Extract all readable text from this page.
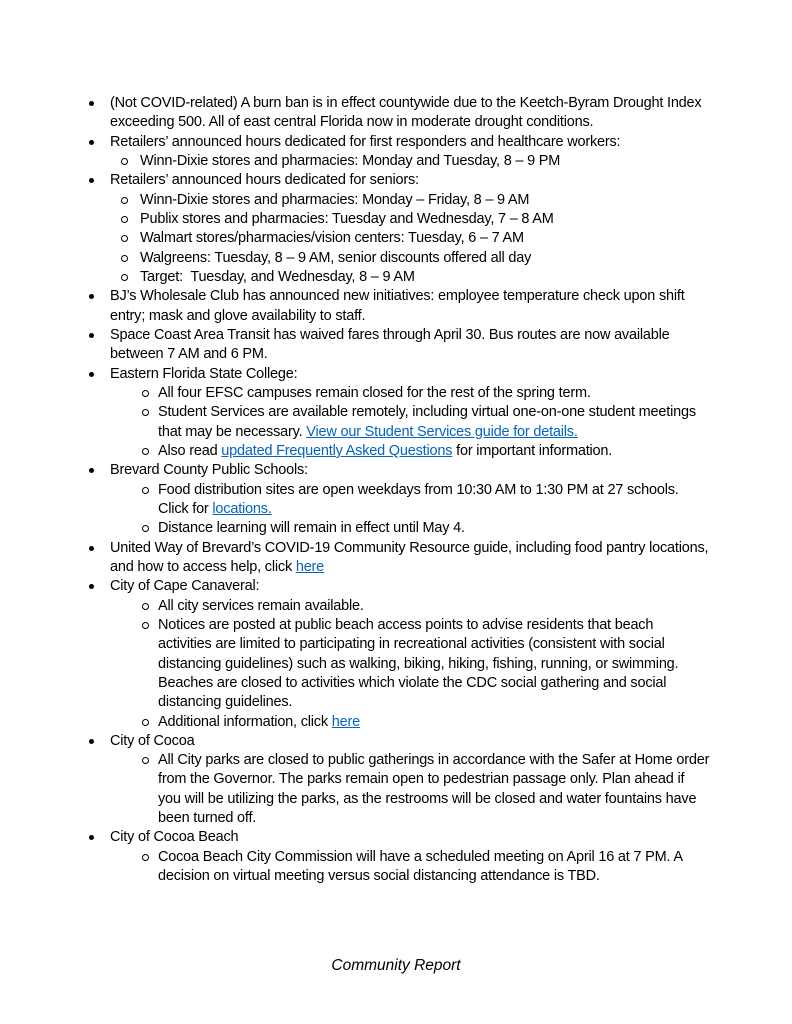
(Not COVID-related) A burn ban is in effect countywide due to the Keetch-Byram Drought Index exceeding 500. All of east central Florida now in moderate drought conditions.
Retailers’ announced hours dedicated for first responders and healthcare workers:
Winn-Dixie stores and pharmacies: Monday and Tuesday, 8 – 9 PM
Retailers’ announced hours dedicated for seniors:
Winn-Dixie stores and pharmacies: Monday – Friday, 8 – 9 AM
Publix stores and pharmacies: Tuesday and Wednesday, 7 – 8 AM
Walmart stores/pharmacies/vision centers: Tuesday, 6 – 7 AM
Walgreens: Tuesday, 8 – 9 AM, senior discounts offered all day
Target:  Tuesday, and Wednesday, 8 – 9 AM
BJ’s Wholesale Club has announced new initiatives: employee temperature check upon shift entry; mask and glove availability to staff.
Space Coast Area Transit has waived fares through April 30. Bus routes are now available between 7 AM and 6 PM.
Eastern Florida State College:
All four EFSC campuses remain closed for the rest of the spring term.
Student Services are available remotely, including virtual one-on-one student meetings that may be necessary. View our Student Services guide for details.
Also read updated Frequently Asked Questions for important information.
Brevard County Public Schools:
Food distribution sites are open weekdays from 10:30 AM to 1:30 PM at 27 schools. Click for locations.
Distance learning will remain in effect until May 4.
United Way of Brevard’s COVID-19 Community Resource guide, including food pantry locations, and how to access help, click here
City of Cape Canaveral:
All city services remain available.
Notices are posted at public beach access points to advise residents that beach activities are limited to participating in recreational activities (consistent with social distancing guidelines) such as walking, biking, hiking, fishing, running, or swimming. Beaches are closed to activities which violate the CDC social gathering and social distancing guidelines.
Additional information, click here
City of Cocoa
All City parks are closed to public gatherings in accordance with the Safer at Home order from the Governor. The parks remain open to pedestrian passage only. Plan ahead if you will be utilizing the parks, as the restrooms will be closed and water fountains have been turned off.
City of Cocoa Beach
Cocoa Beach City Commission will have a scheduled meeting on April 16 at 7 PM. A decision on virtual meeting versus social distancing attendance is TBD.
Community Report
